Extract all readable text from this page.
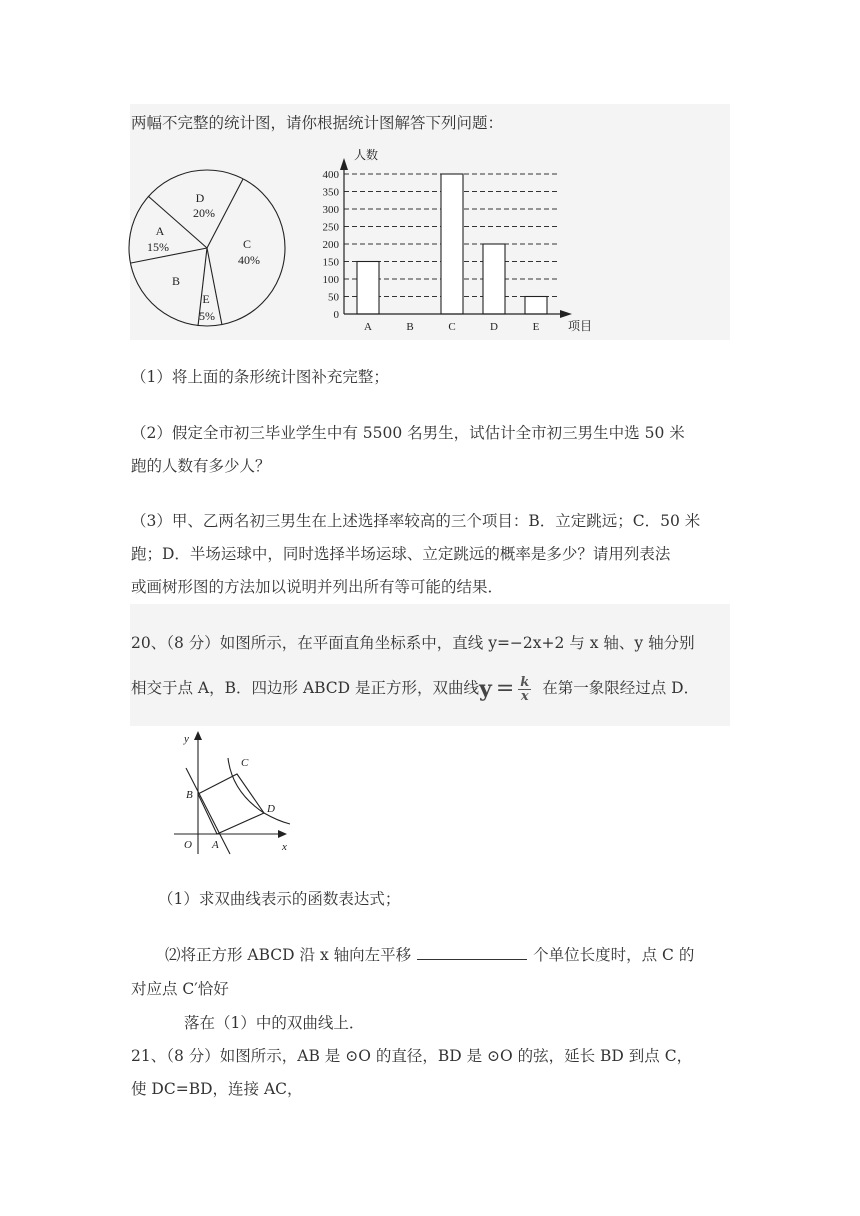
两幅不完整的统计图，请你根据统计图解答下列问题：
D
20%
A
15%
B
E
5%
C
40%
0
50
100
150
200
250
300
350
400
A	B	C	D	E
人数
项目
（1）将上面的条形统计图补充完整；
（2）假定全市初三毕业学生中有 5500 名男生，试估计全市初三男生中选 50 米
跑的人数有多少人？
（3）甲、乙两名初三男生在上述选择率较高的三个项目：B．立定跳远；C．50 米
跑；D．半场运球中，同时选择半场运球、立定跳远的概率是多少？请用列表法
或画树形图的方法加以说明并列出所有等可能的结果．
20、（8 分）如图所示，在平面直角坐标系中，直线 y=−2x+2 与 x 轴、y 轴分别
相交于点 A，B．四边形 ABCD 是正方形，双曲线$y = \frac{k}{x}$ 在第一象限经过点 D．
y
x
O A
B
C
D
（1）求双曲线表示的函数表达式；
⑵将正方形 ABCD 沿 x 轴向左平移	个单位长度时，点 C 的
对应点 C′恰好
落在（1）中的双曲线上．
21、（8 分）如图所示，AB 是 ⊙O 的直径，BD 是 ⊙O 的弦，延长 BD 到点 C，
使 DC=BD，连接 AC，
